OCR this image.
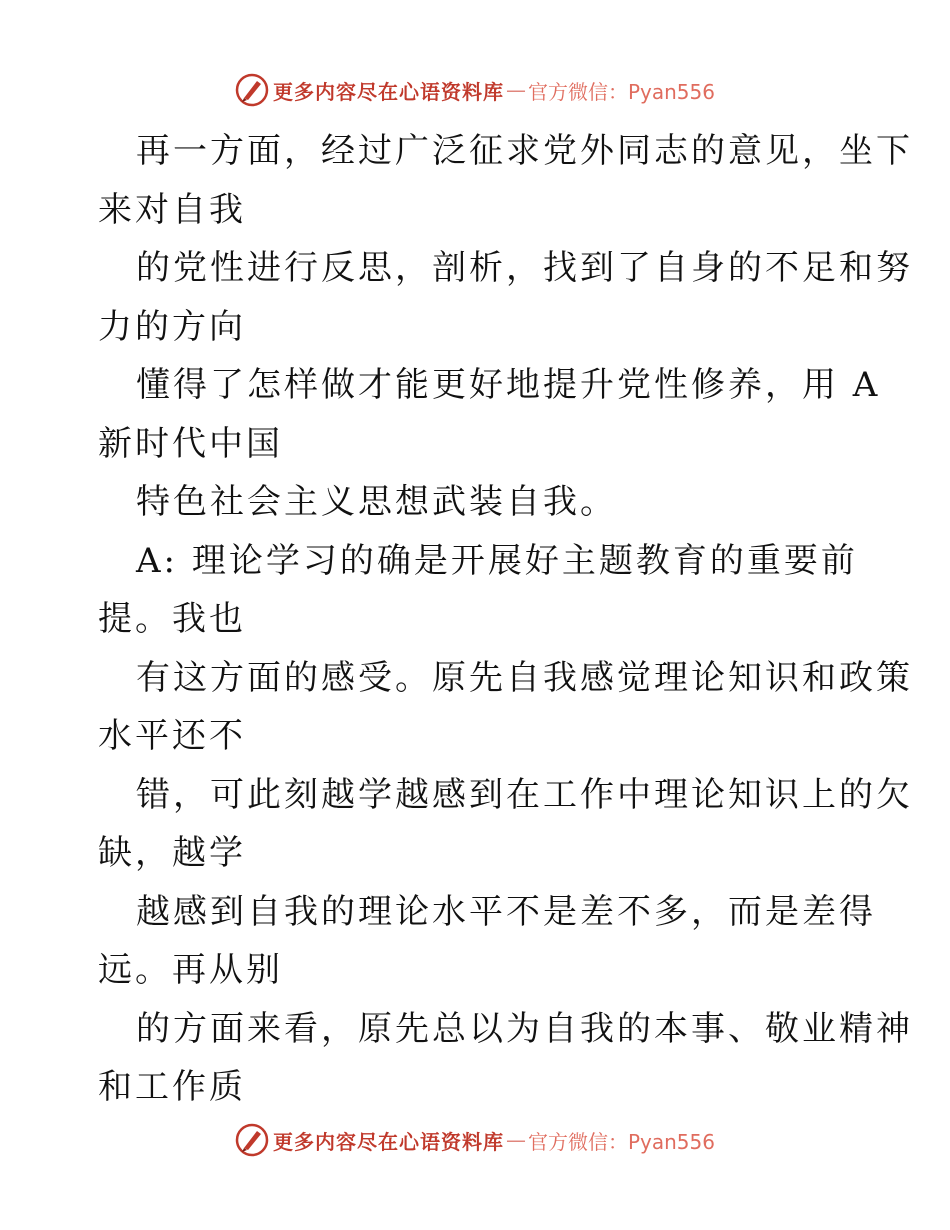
更多内容尽在心语资料库 — 官方微信：Pyan556
再一方面，经过广泛征求党外同志的意见，坐下
来对自我
的党性进行反思，剖析，找到了自身的不足和努
力的方向
懂得了怎样做才能更好地提升党性修养，用 A
新时代中国
特色社会主义思想武装自我。
A: 理论学习的确是开展好主题教育的重要前
提。我也
有这方面的感受。原先自我感觉理论知识和政策
水平还不
错，可此刻越学越感到在工作中理论知识上的欠
缺，越学
越感到自我的理论水平不是差不多，而是差得
远。再从别
的方面来看，原先总以为自我的本事、敬业精神
和工作质
更多内容尽在心语资料库 — 官方微信：Pyan556
